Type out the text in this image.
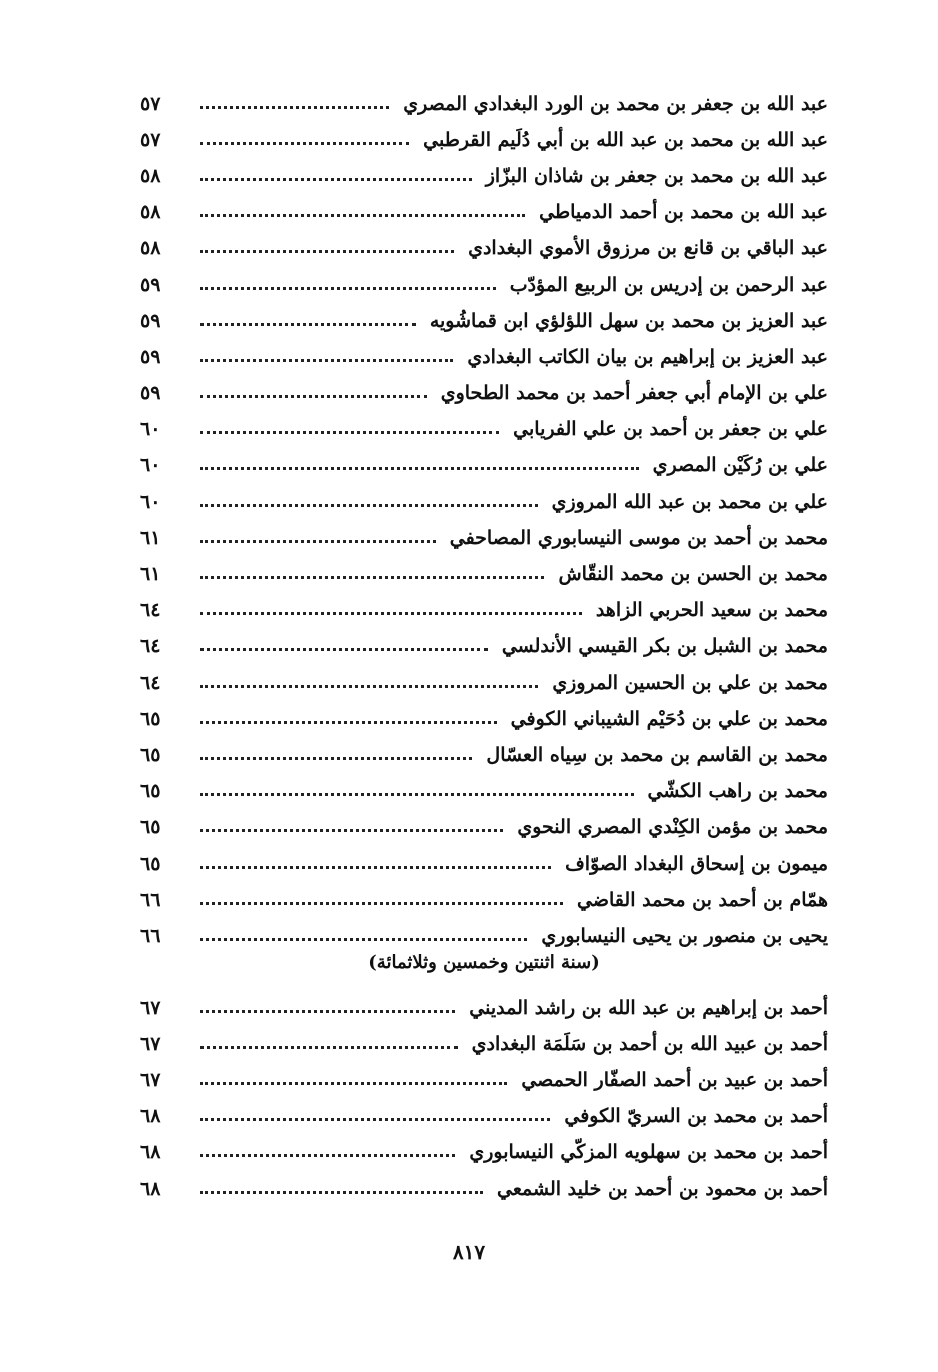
عبد الله بن جعفر بن محمد بن الورد البغدادي المصري
٥٧
عبد الله بن محمد بن عبد الله بن أبي دُلَيم القرطبي
٥٧
عبد الله بن محمد بن جعفر بن شاذان البزّاز
٥٨
عبد الله بن محمد بن أحمد الدمياطي
٥٨
عبد الباقي بن قانع بن مرزوق الأموي البغدادي
٥٨
عبد الرحمن بن إدريس بن الربيع المؤدّب
٥٩
عبد العزيز بن محمد بن سهل اللؤلؤي ابن قماشُويه
٥٩
عبد العزيز بن إبراهيم بن بيان الكاتب البغدادي
٥٩
علي بن الإمام أبي جعفر أحمد بن محمد الطحاوي
٥٩
علي بن جعفر بن أحمد بن علي الفريابي
٦٠
علي بن رُكَيْن المصري
٦٠
علي بن محمد بن عبد الله المروزي
٦٠
محمد بن أحمد بن موسى النيسابوري المصاحفي
٦١
محمد بن الحسن بن محمد النقّاش
٦١
محمد بن سعيد الحربي الزاهد
٦٤
محمد بن الشبل بن بكر القيسي الأندلسي
٦٤
محمد بن علي بن الحسين المروزي
٦٤
محمد بن علي بن دُحَيْم الشيباني الكوفي
٦٥
محمد بن القاسم بن محمد بن سِياه العسّال
٦٥
محمد بن راهب الكشّي
٦٥
محمد بن مؤمن الكِنْدي المصري النحوي
٦٥
ميمون بن إسحاق البغداد الصوّاف
٦٥
همّام بن أحمد بن محمد القاضي
٦٦
يحيى بن منصور بن يحيى النيسابوري
٦٦
(سنة اثنتين وخمسين وثلاثمائة)
أحمد بن إبراهيم بن عبد الله بن راشد المديني
٦٧
أحمد بن عبيد الله بن أحمد بن سَلَمَة البغدادي
٦٧
أحمد بن عبيد بن أحمد الصفّار الحمصي
٦٧
أحمد بن محمد بن السريّ الكوفي
٦٨
أحمد بن محمد بن سهلويه المزكّي النيسابوري
٦٨
أحمد بن محمود بن أحمد بن خليد الشمعي
٦٨
٨١٧
